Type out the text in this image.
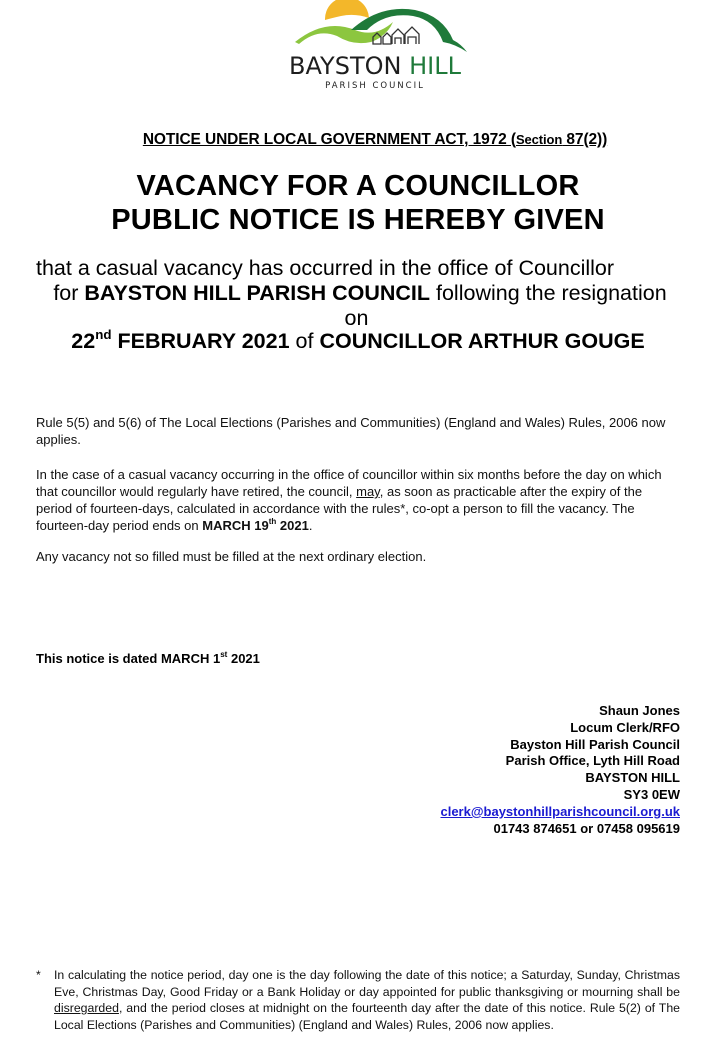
BAYSTON HILL
PARISH COUNCIL
NOTICE UNDER LOCAL GOVERNMENT ACT, 1972 (Section 87(2))
VACANCY FOR A COUNCILLOR
PUBLIC NOTICE IS HEREBY GIVEN
that a casual vacancy has occurred in the office of Councillor
for BAYSTON HILL PARISH COUNCIL following the resignation
on
22nd FEBRUARY 2021 of COUNCILLOR ARTHUR GOUGE
Rule 5(5) and 5(6) of The Local Elections (Parishes and Communities) (England and Wales) Rules, 2006 now applies.
In the case of a casual vacancy occurring in the office of councillor within six months before the day on which that councillor would regularly have retired, the council, may, as soon as practicable after the expiry of the period of fourteen-days, calculated in accordance with the rules*, co-opt a person to fill the vacancy. The fourteen-day period ends on MARCH 19th 2021.
Any vacancy not so filled must be filled at the next ordinary election.
This notice is dated MARCH 1st 2021
Shaun Jones
Locum Clerk/RFO
Bayston Hill Parish Council
Parish Office, Lyth Hill Road
BAYSTON HILL
SY3 0EW
clerk@baystonhillparishcouncil.org.uk
01743 874651 or 07458 095619
* In calculating the notice period, day one is the day following the date of this notice; a Saturday, Sunday, Christmas Eve, Christmas Day, Good Friday or a Bank Holiday or day appointed for public thanksgiving or mourning shall be disregarded, and the period closes at midnight on the fourteenth day after the date of this notice. Rule 5(2) of The Local Elections (Parishes and Communities) (England and Wales) Rules, 2006 now applies.
